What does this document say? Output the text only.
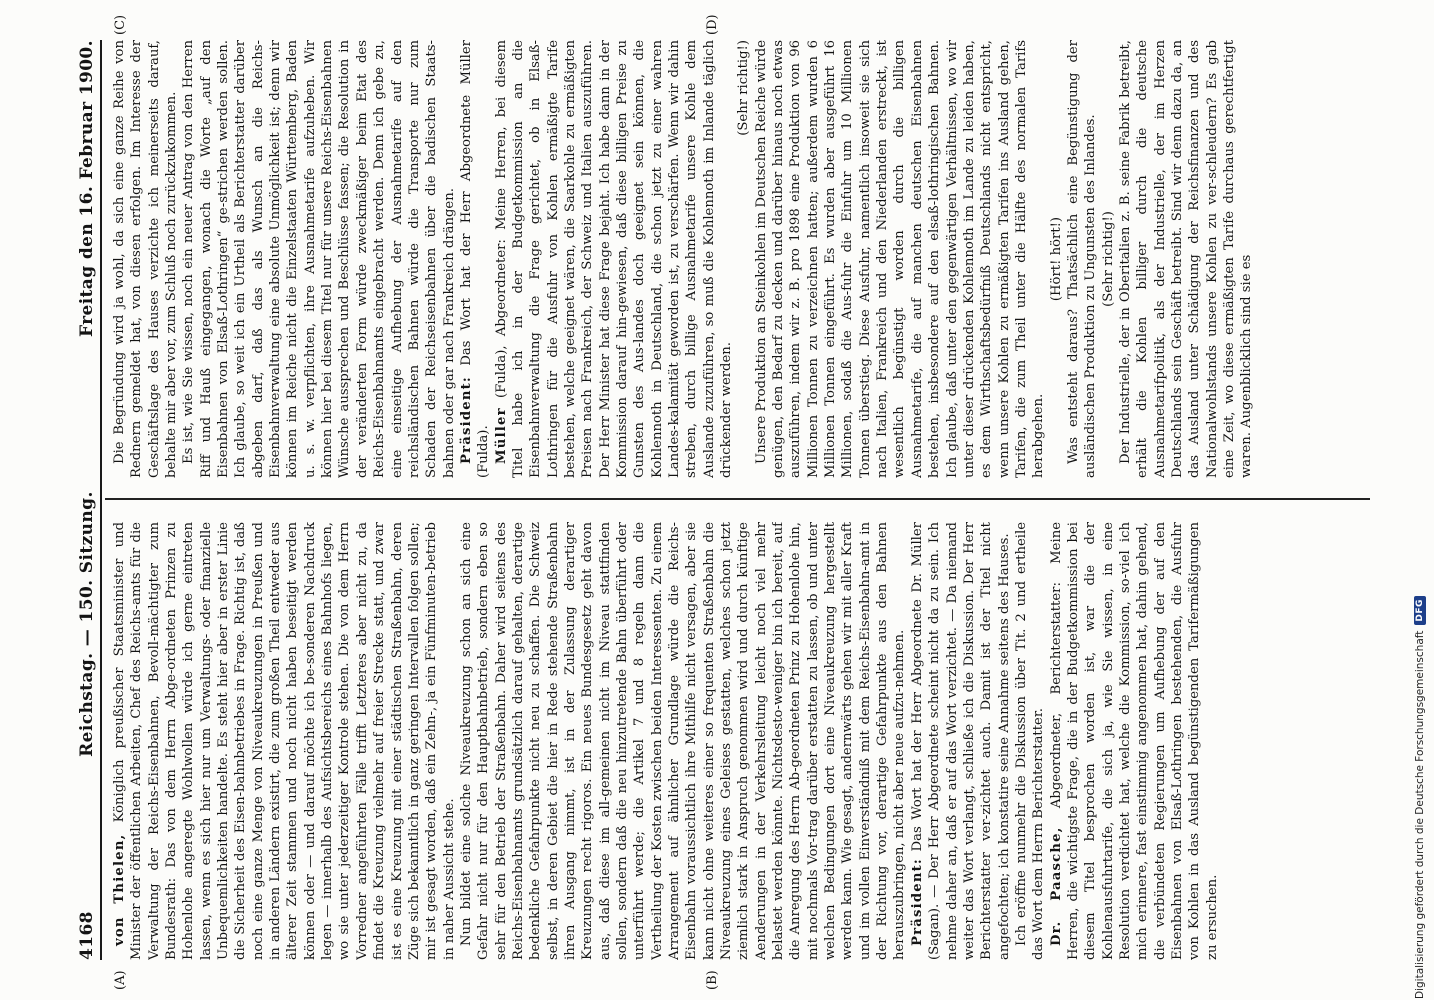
4168
Reichstag. — 150. Sitzung.
Freitag den 16. Februar 1900.
(A)	(B)
(C)	(D)

von Thielen, Königlich preußischer Staatsminister und Minister der öffentlichen Arbeiten, Chef des Reichs-amts für die Verwaltung der Reichs-Eisenbahnen, Bevoll-mächtigter zum Bundesrath: Das von dem Herrn Abge-ordneten Prinzen zu Hohenlohe angeregte Wohlwollen würde ich gerne eintreten lassen, wenn es sich hier nur um Verwaltungs- oder finanzielle Unbequemlichkeiten handelte. Es steht hier aber in erster Linie die Sicherheit des Eisen-bahnbetriebes in Frage. Richtig ist, daß noch eine ganze Menge von Niveaukreuzungen in Preußen und in anderen Ländern existirt, die zum großen Theil entweder aus älterer Zeit stammen und noch nicht haben beseitigt werden können oder — und darauf möchte ich be-sonderen Nachdruck legen — innerhalb des Aufsichtsbereichs eines Bahnhofs liegen, wo sie unter jederzeitiger Kontrole stehen. Die von dem Herrn Vorredner angeführten Fälle trifft Letzteres aber nicht zu, da findet die Kreuzung vielmehr auf freier Strecke statt, und zwar ist es eine Kreuzung mit einer städtischen Straßenbahn, deren Züge sich bekanntlich in ganz geringen Intervallen folgen sollen; mir ist gesagt worden, daß ein Zehn-, ja ein Fünfminuten-betrieb in naher Aussicht stehe. Nun bildet eine solche Niveaukreuzung schon an sich eine Gefahr nicht nur für den Hauptbahnbetrieb, sondern eben so sehr für den Betrieb der Straßenbahn. Daher wird seitens des Reichs-Eisenbahnamts grundsätzlich darauf gehalten, derartige bedenkliche Gefahrpunkte nicht neu zu schaffen. Die Schweiz selbst, in deren Gebiet die hier in Rede stehende Straßenbahn ihren Ausgang nimmt, ist in der Zulassung derartiger Kreuzungen recht rigoros. Ein neues Bundesgesetz geht davon aus, daß diese im all-gemeinen nicht im Niveau stattfinden sollen, sondern daß die neu hinzutretende Bahn überführt oder unterführt werde; die Artikel 7 und 8 regeln dann die Vertheilung der Kosten zwischen beiden Interessenten. Zu einem Arrangement auf ähnlicher Grundlage würde die Reichs-Eisenbahn voraussichtlich ihre Mithilfe nicht versagen, aber sie kann nicht ohne weiteres einer so frequenten Straßenbahn die Niveaukreuzung eines Geleises gestatten, welches schon jetzt ziemlich stark in Anspruch genommen wird und durch künftige Aenderungen in der Verkehrsleitung leicht noch viel mehr belastet werden könnte. Nichtsdesto-weniger bin ich bereit, auf die Anregung des Herrn Ab-geordneten Prinz zu Hohenlohe hin, mit nochmals Vor-trag darüber erstatten zu lassen, ob und unter welchen Bedingungen dort eine Niveaukreuzung hergestellt werden kann. Wie gesagt, andernwärts gehen wir mit aller Kraft und im vollen Einverständniß mit dem Reichs-Eisenbahn-amt in der Richtung vor, derartige Gefahrpunkte aus den Bahnen herauszubringen, nicht aber neue aufzu-nehmen. Präsident: Das Wort hat der Herr Abgeordnete Dr. Müller (Sagan). — Der Herr Abgeordnete scheint nicht da zu sein. Ich nehme daher an, daß er auf das Wort verzichtet. — Da niemand weiter das Wort verlangt, schließe ich die Diskussion. Der Herr Berichterstatter ver-zichtet auch. Damit ist der Titel nicht angefochten; ich konstatire seine Annahme seitens des Hauses. Ich eröffne nunmehr die Diskussion über Tit. 2 und ertheile das Wort dem Herrn Berichterstatter. Dr. Paasche, Abgeordneter, Berichterstatter: Meine Herren, die wichtigste Frage, die in der Budgetkommission bei diesem Titel besprochen worden ist, war die der Kohlenausfuhrtarife, die sich ja, wie Sie wissen, in eine Resolution verdichtet hat, welche die Kommission, so-viel ich mich erinnere, fast einstimmig angenommen hat, dahin gehend, die verbündeten Regierungen um Aufhebung der auf den Eisenbahnen von Elsaß-Lothringen bestehenden, die Ausfuhr von Kohlen in das Ausland begünstigenden Tarifermäßigungen zu ersuchen.

Die Begründung wird ja wohl, da sich eine ganze Reihe von Rednern gemeldet hat, von diesen erfolgen. Im Interesse der Geschäftslage des Hauses verzichte ich meinerseits darauf, behalte mir aber vor, zum Schluß noch zurückzukommen. Es ist, wie Sie wissen, noch ein neuer Antrag von den Herren Riff und Hauß eingegangen, wonach die Worte „auf den Eisenbahnen von Elsaß-Lothringen“ ge-strichen werden sollen. Ich glaube, so weit ich ein Urtheil als Berichterstatter darüber abgeben darf, daß das als Wunsch an die Reichs-Eisenbahnverwaltung eine absolute Unmöglichkeit ist; denn wir können im Reiche nicht die Einzelstaaten Württemberg, Baden u. s. w. verpflichten, ihre Ausnahmetarife aufzuheben. Wir können hier bei diesem Titel nur für unsere Reichs-Eisenbahnen Wünsche aussprechen und Beschlüsse fassen; die Resolution in der veränderten Form würde zweckmäßiger beim Etat des Reichs-Eisenbahnamts eingebracht werden. Denn ich gebe zu, eine einseitige Aufhebung der Ausnahmetarife auf den reichsländischen Bahnen würde die Transporte nur zum Schaden der Reichseisenbahnen über die badischen Staats-bahnen oder gar nach Frankreich drängen. Präsident: Das Wort hat der Herr Abgeordnete Müller (Fulda). Müller (Fulda), Abgeordneter: Meine Herren, bei diesem Titel habe ich in der Budgetkommission an die Eisenbahnverwaltung die Frage gerichtet, ob in Elsaß-Lothringen für die Ausfuhr von Kohlen ermäßigte Tarife bestehen, welche geeignet wären, die Saarkohle zu ermäßigten Preisen nach Frankreich, der Schweiz und Italien auszuführen. Der Herr Minister hat diese Frage bejaht. Ich habe dann in der Kommission darauf hin-gewiesen, daß diese billigen Preise zu Gunsten des Aus-landes doch geeignet sein können, die Kohlennoth in Deutschland, die schon jetzt zu einer wahren Landes-kalamität geworden ist, zu verschärfen. Wenn wir dahin streben, durch billige Ausnahmetarife unsere Kohle dem Auslande zuzuführen, so muß die Kohlennoth im Inlande täglich drückender werden.

(Sehr richtig!) Unsere Produktion an Steinkohlen im Deutschen Reiche würde genügen, den Bedarf zu decken und darüber hinaus noch etwas auszuführen, indem wir z. B. pro 1898 eine Produktion von 96 Millionen Tonnen zu verzeichnen hatten; außerdem wurden 6 Millionen Tonnen eingeführt. Es wurden aber ausgeführt 16 Millionen, sodaß die Aus-fuhr die Einfuhr um 10 Millionen Tonnen überstieg. Diese Ausfuhr, namentlich insoweit sie sich nach Italien, Frankreich und den Niederlanden erstreckt, ist wesentlich begünstigt worden durch die billigen Ausnahmetarife, die auf manchen deutschen Eisenbahnen bestehen, insbesondere auf den elsaß-lothringischen Bahnen. Ich glaube, daß unter den gegenwärtigen Verhältnissen, wo wir unter dieser drückenden Kohlennoth im Lande zu leiden haben, es dem Wirthschaftsbedürfniß Deutschlands nicht entspricht, wenn unsere Kohlen zu ermäßigten Tarifen ins Ausland gehen, Tarifen, die zum Theil unter die Hälfte des normalen Tarifs herabgehen.

(Hört! hört!) Was entsteht daraus? Thatsächlich eine Begünstigung der ausländischen Produktion zu Ungunsten des Inlandes. (Sehr richtig!) Der Industrielle, der in Oberitalien z. B. seine Fabrik betreibt, erhält die Kohlen billiger durch die deutsche Ausnahmetarifpolitik, als der Industrielle, der im Herzen Deutschlands sein Geschäft betreibt. Sind wir denn dazu da, an das Ausland unter Schädigung der Reichsfinanzen und des Nationalwohlstands unsere Kohlen zu ver-schleudern? Es gab eine Zeit, wo diese ermäßigten Tarife durchaus gerechtfertigt waren. Augenblicklich sind sie es

Digitalisierung gefördert durch die Deutsche Forschungsgemeinschaft
DFG
